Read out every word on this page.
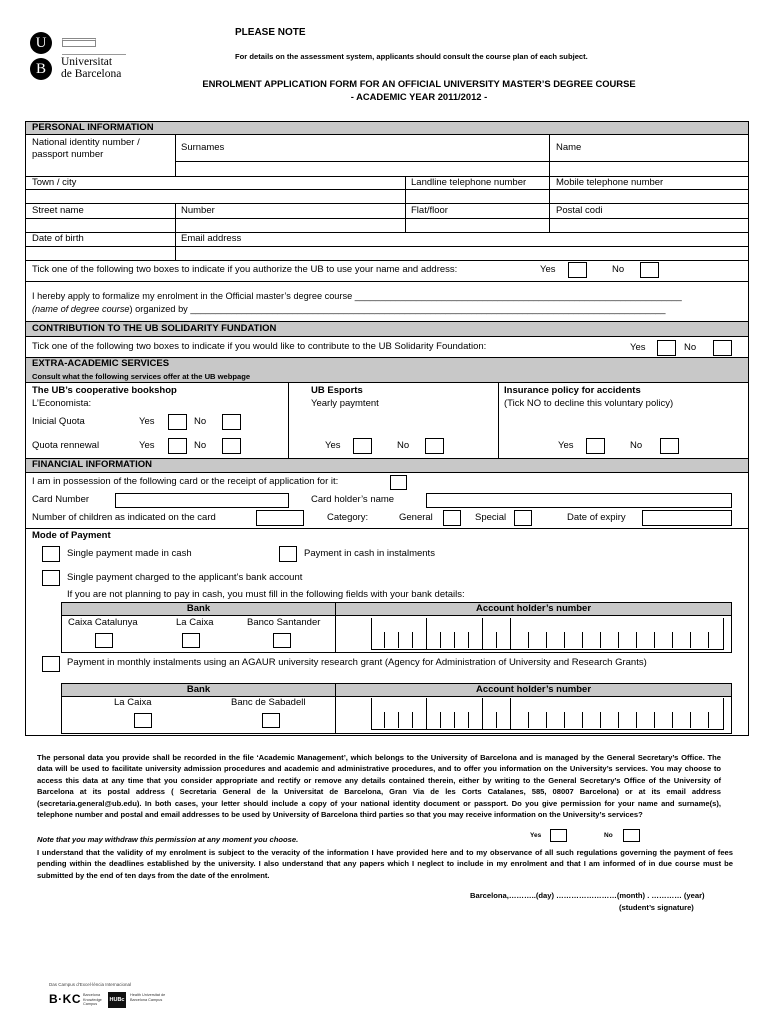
U
B	Universitat
de Barcelona
PLEASE NOTE
For details on the assessment system, applicants should consult the course plan of each subject.
ENROLMENT APPLICATION FORM FOR AN OFFICIAL UNIVERSITY MASTER’S DEGREE COURSE
- ACADEMIC YEAR 2011/2012 -
PERSONAL INFORMATION
National identity number /
passport number
Surnames	Name
Town / city	Landline telephone number	Mobile telephone number
Street name	Number	Flat/floor	Postal codi
Date of birth	Email address
Tick one of the following two boxes to indicate if you authorize the UB to use your name and address:	Yes	No
I hereby apply to formalize my enrolment in the Official master’s degree course ________________________________________________________________
(name of degree course) organized by _____________________________________________________________________________________________
CONTRIBUTION TO THE UB SOLIDARITY FUNDATION
Tick one of the following two boxes to indicate if you would like to contribute to the UB Solidarity Foundation:	Yes	No
EXTRA-ACADEMIC SERVICES
Consult what the following services offer at the UB webpage
The UB’s cooperative bookshop
L’Economista:
Inicial Quota	Yes	No
Quota rennewal	Yes	No
UB Esports
Yearly paymtent
Yes	No
Insurance policy for accidents
(Tick NO to decline this voluntary policy)
Yes	No
FINANCIAL INFORMATION
I am in possession of the following card or the receipt of application for it:
Card Number	Card holder’s name
Number of children as indicated on the card	Category:	General	Special	Date of expiry
Mode of Payment
Single payment made in cash	Payment in cash in instalments
Single payment charged to the applicant’s bank account
If you are not planning to pay in cash, you must fill in the following fields with your bank details:
Bank	Account holder’s number
Caixa Catalunya	La Caixa	Banco Santander
Payment in monthly instalments using an AGAUR university research grant (Agency for Administration of University and Research Grants)
Bank	Account holder’s number
La Caixa	Banc de Sabadell
The personal data you provide shall be recorded in the file ‘Academic Management’, which belongs to the University of Barcelona and is managed by the General Secretary’s Office. The data will be used to facilitate university admission procedures and academic and administrative procedures, and to offer you information on the University’s services. You may choose to access this data at any time that you consider appropriate and rectify or remove any details contained therein, either by writing to the General Secretary’s Office of the University of Barcelona at its postal address ( Secretaria General de la Universitat de Barcelona, Gran Via de les Corts Catalanes, 585, 08007 Barcelona) or at its email address (secretaria.general@ub.edu). In both cases, your letter should include a copy of your national identity document or passport. Do you give permission for your name and surname(s), telephone number and postal and email addresses to be used by University of Barcelona third parties so that you may receive information on the University’s services?
Note that you may withdraw this permission at any moment you choose.	Yes	No
I understand that the validity of my enrolment is subject to the veracity of the information I have provided here and to my observance of all such regulations governing the payment of fees pending within the deadlines established by the university. I also understand that any papers which I neglect to include in my enrolment and that I am informed of in due course must be submitted by the end of ten days from the date of the enrolment.
Barcelona,………..(day) ……………………(month) . ………… (year)
(student’s signature)
Das Campus d’Excel·lència Internacional
B·KC Barcelona Knowledge Campus
HUBc
Health Universitat de Barcelona Campus
